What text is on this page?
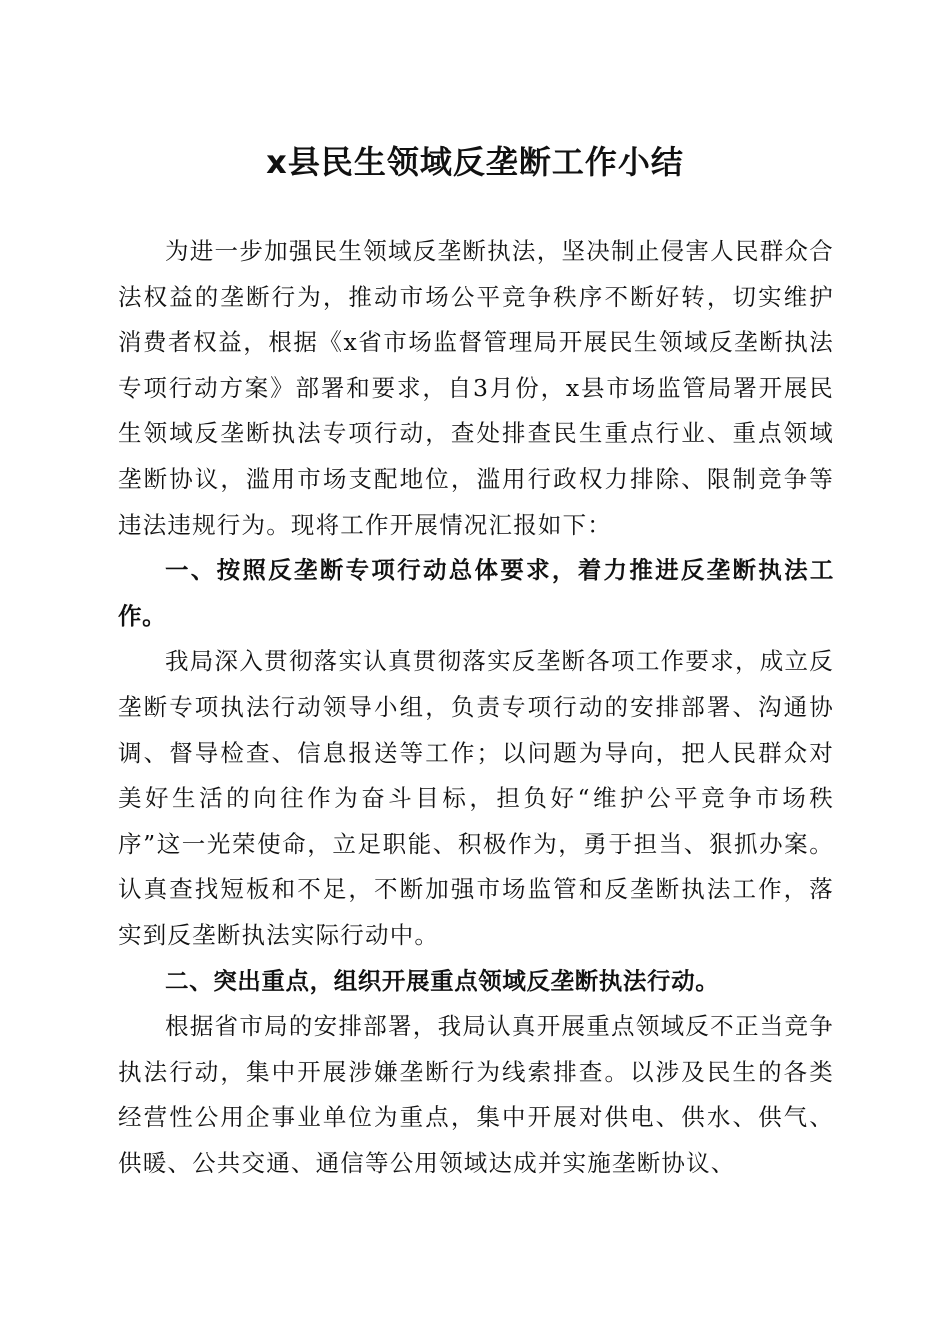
x县民生领域反垄断工作小结

为进一步加强民生领域反垄断执法，坚决制止侵害人民群众合法权益的垄断行为，推动市场公平竞争秩序不断好转，切实维护消费者权益，根据《x省市场监督管理局开展民生领域反垄断执法专项行动方案》部署和要求，自3月份，x县市场监管局署开展民生领域反垄断执法专项行动，查处排查民生重点行业、重点领域垄断协议，滥用市场支配地位，滥用行政权力排除、限制竞争等违法违规行为。现将工作开展情况汇报如下：

一、按照反垄断专项行动总体要求，着力推进反垄断执法工作。

我局深入贯彻落实认真贯彻落实反垄断各项工作要求，成立反垄断专项执法行动领导小组，负责专项行动的安排部署、沟通协调、督导检查、信息报送等工作；以问题为导向，把人民群众对美好生活的向往作为奋斗目标，担负好“维护公平竞争市场秩序”这一光荣使命，立足职能、积极作为，勇于担当、狠抓办案。认真查找短板和不足，不断加强市场监管和反垄断执法工作，落实到反垄断执法实际行动中。

二、突出重点，组织开展重点领域反垄断执法行动。

根据省市局的安排部署，我局认真开展重点领域反不正当竞争执法行动，集中开展涉嫌垄断行为线索排查。以涉及民生的各类经营性公用企事业单位为重点，集中开展对供电、供水、供气、供暖、公共交通、通信等公用领域达成并实施垄断协议、
